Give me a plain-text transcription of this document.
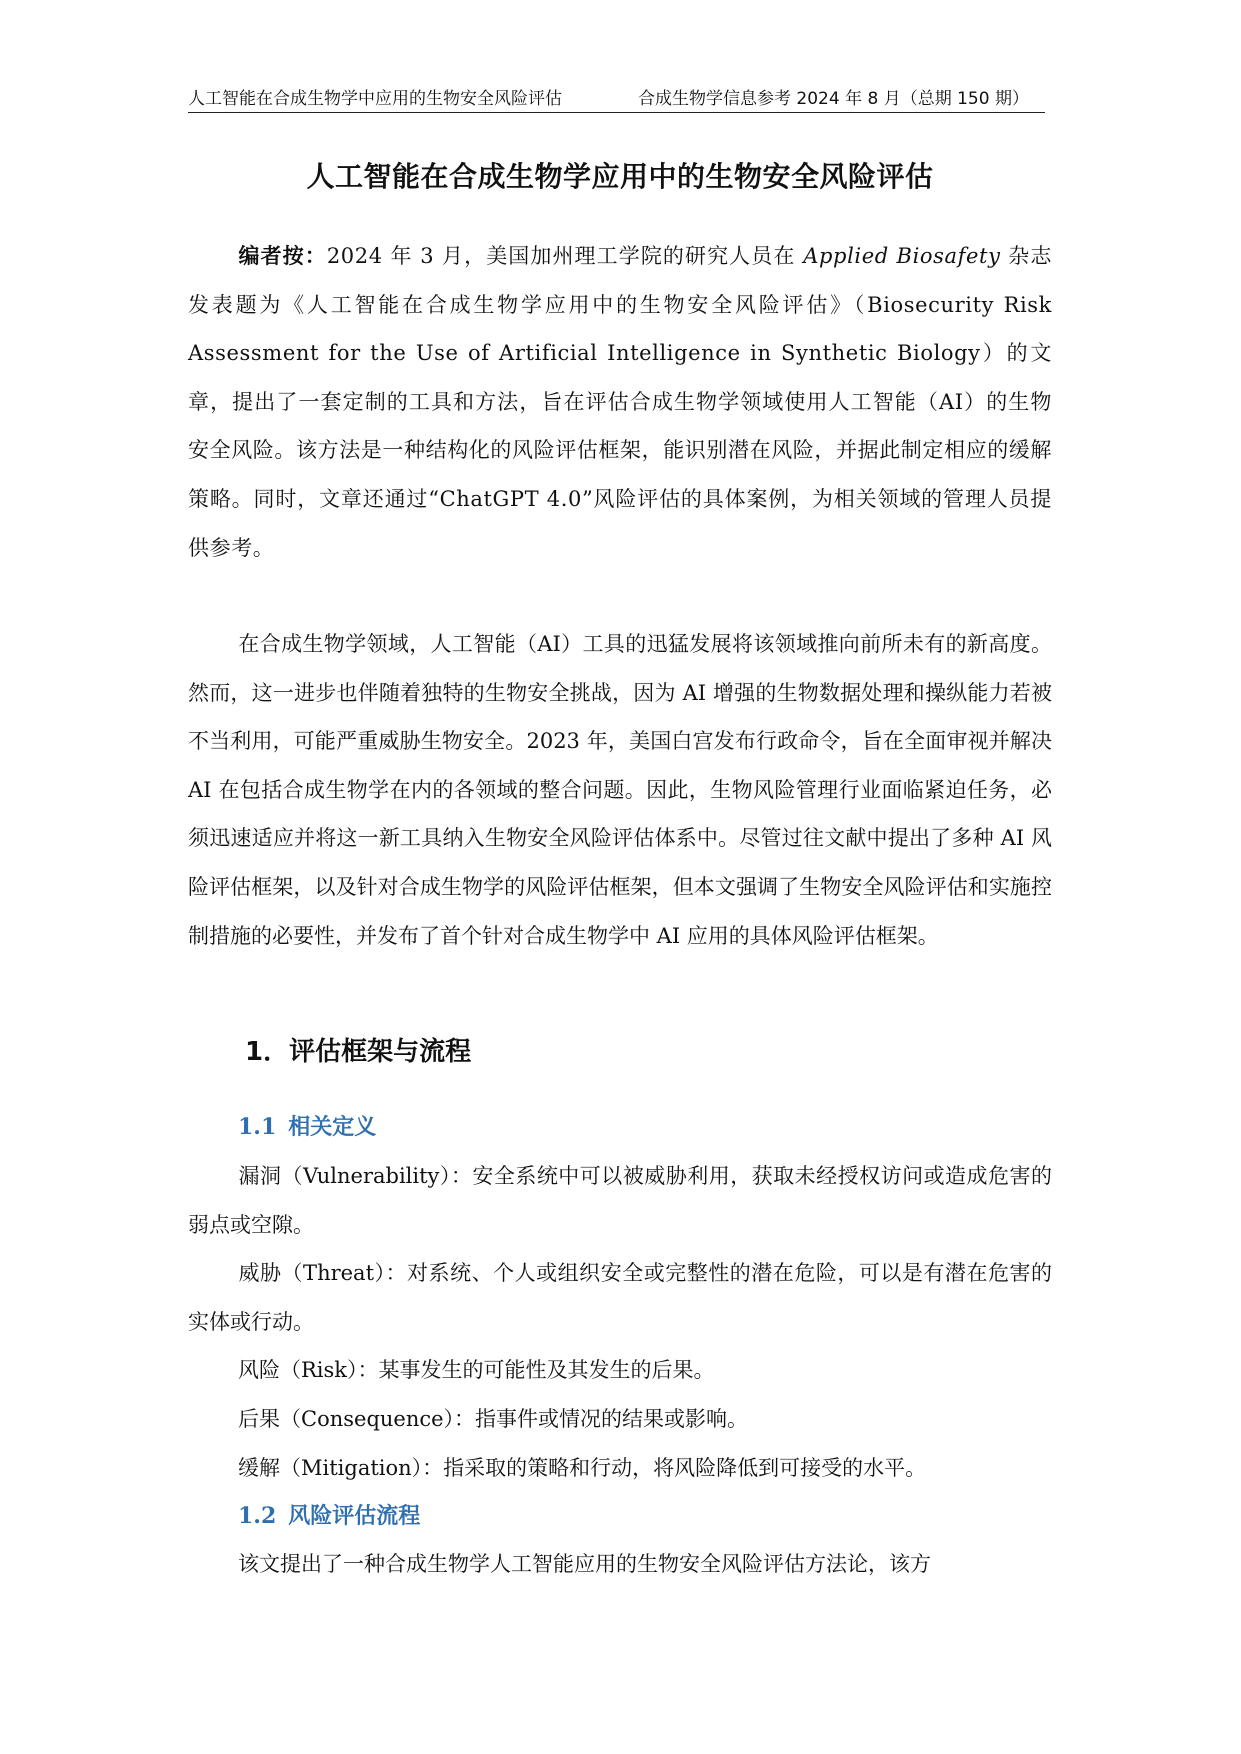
人工智能在合成生物学中应用的生物安全风险评估	合成生物学信息参考 2024 年 8 月（总期 150 期）
人工智能在合成生物学应用中的生物安全风险评估

编者按：2024 年 3 月，美国加州理工学院的研究人员在 Applied Biosafety 杂志发表题为《人工智能在合成生物学应用中的生物安全风险评估》（Biosecurity Risk Assessment for the Use of Artificial Intelligence in Synthetic Biology）的文章，提出了一套定制的工具和方法，旨在评估合成生物学领域使用人工智能（AI）的生物安全风险。该方法是一种结构化的风险评估框架，能识别潜在风险，并据此制定相应的缓解策略。同时，文章还通过“ChatGPT 4.0”风险评估的具体案例，为相关领域的管理人员提供参考。

在合成生物学领域，人工智能（AI）工具的迅猛发展将该领域推向前所未有的新高度。然而，这一进步也伴随着独特的生物安全挑战，因为 AI 增强的生物数据处理和操纵能力若被不当利用，可能严重威胁生物安全。2023 年，美国白宫发布行政命令，旨在全面审视并解决 AI 在包括合成生物学在内的各领域的整合问题。因此，生物风险管理行业面临紧迫任务，必须迅速适应并将这一新工具纳入生物安全风险评估体系中。尽管过往文献中提出了多种 AI 风险评估框架，以及针对合成生物学的风险评估框架，但本文强调了生物安全风险评估和实施控制措施的必要性，并发布了首个针对合成生物学中 AI 应用的具体风险评估框架。

1．评估框架与流程
1.1 相关定义
漏洞（Vulnerability）：安全系统中可以被威胁利用，获取未经授权访问或造成危害的弱点或空隙。
威胁（Threat）：对系统、个人或组织安全或完整性的潜在危险，可以是有潜在危害的实体或行动。
风险（Risk）：某事发生的可能性及其发生的后果。
后果（Consequence）：指事件或情况的结果或影响。
缓解（Mitigation）：指采取的策略和行动，将风险降低到可接受的水平。
1.2 风险评估流程

该文提出了一种合成生物学人工智能应用的生物安全风险评估方法论，该方
